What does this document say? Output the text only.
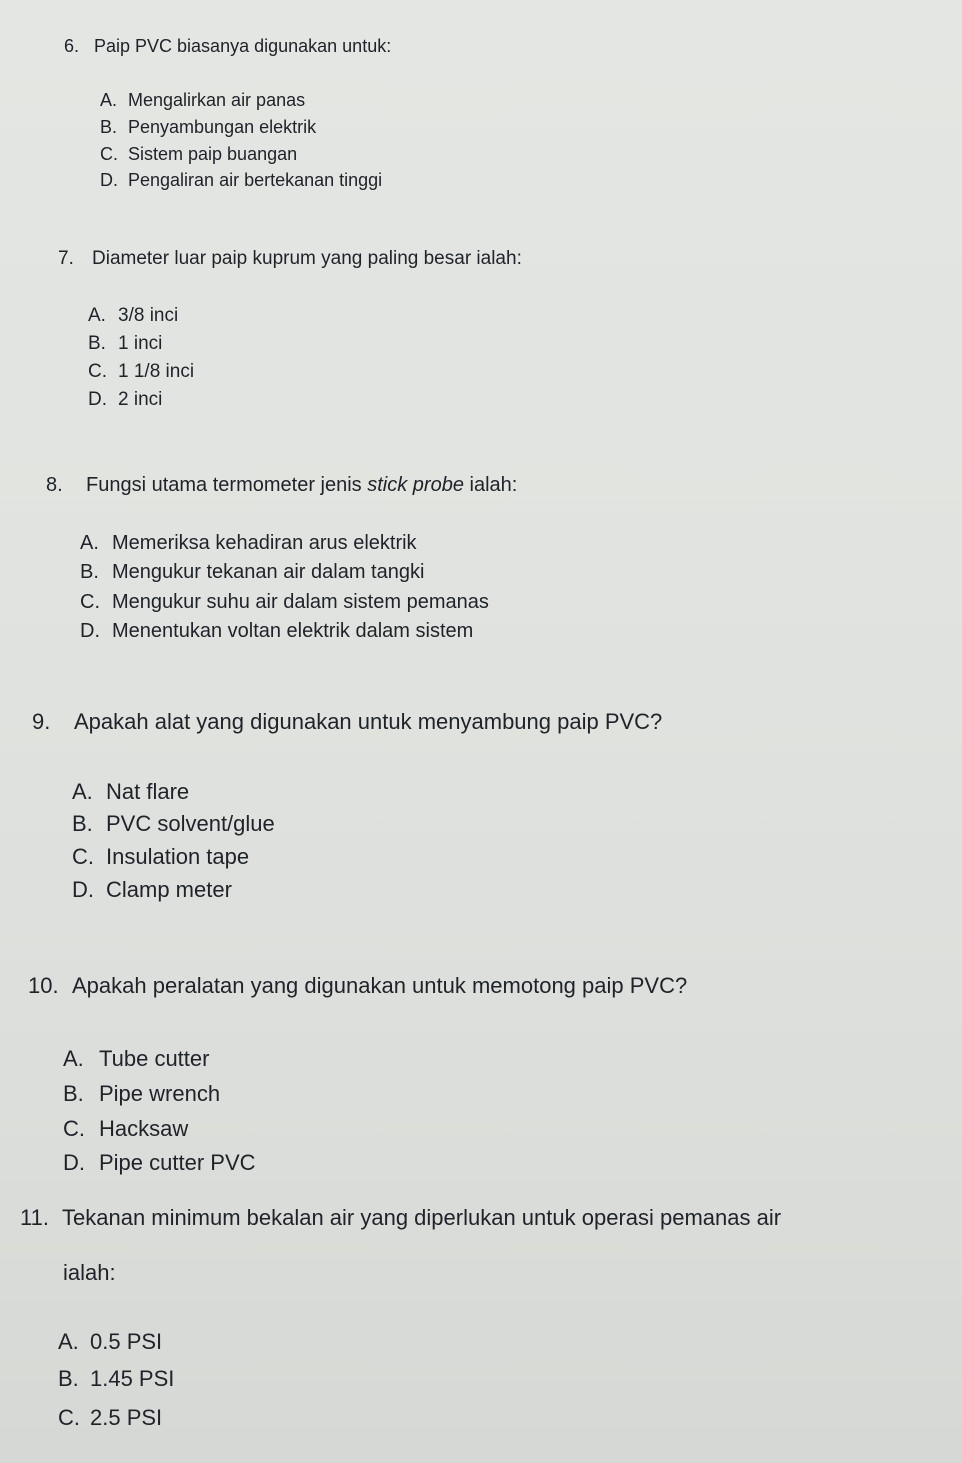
6. Paip PVC biasanya digunakan untuk:

A. Mengalirkan air panas

B. Penyambungan elektrik

C. Sistem paip buangan

D. Pengaliran air bertekanan tinggi

7. Diameter luar paip kuprum yang paling besar ialah:

A. 3/8 inci

B. 1 inci

C. 1 1/8 inci

D. 2 inci

8. Fungsi utama termometer jenis stick probe ialah:

A. Memeriksa kehadiran arus elektrik

B. Mengukur tekanan air dalam tangki

C. Mengukur suhu air dalam sistem pemanas

D. Menentukan voltan elektrik dalam sistem

9. Apakah alat yang digunakan untuk menyambung paip PVC?

A. Nat flare

B. PVC solvent/glue

C. Insulation tape

D. Clamp meter

10. Apakah peralatan yang digunakan untuk memotong paip PVC?

A. Tube cutter

B. Pipe wrench

C. Hacksaw

D. Pipe cutter PVC

11. Tekanan minimum bekalan air yang diperlukan untuk operasi pemanas air

ialah:

A. 0.5 PSI

B. 1.45 PSI

C. 2.5 PSI
